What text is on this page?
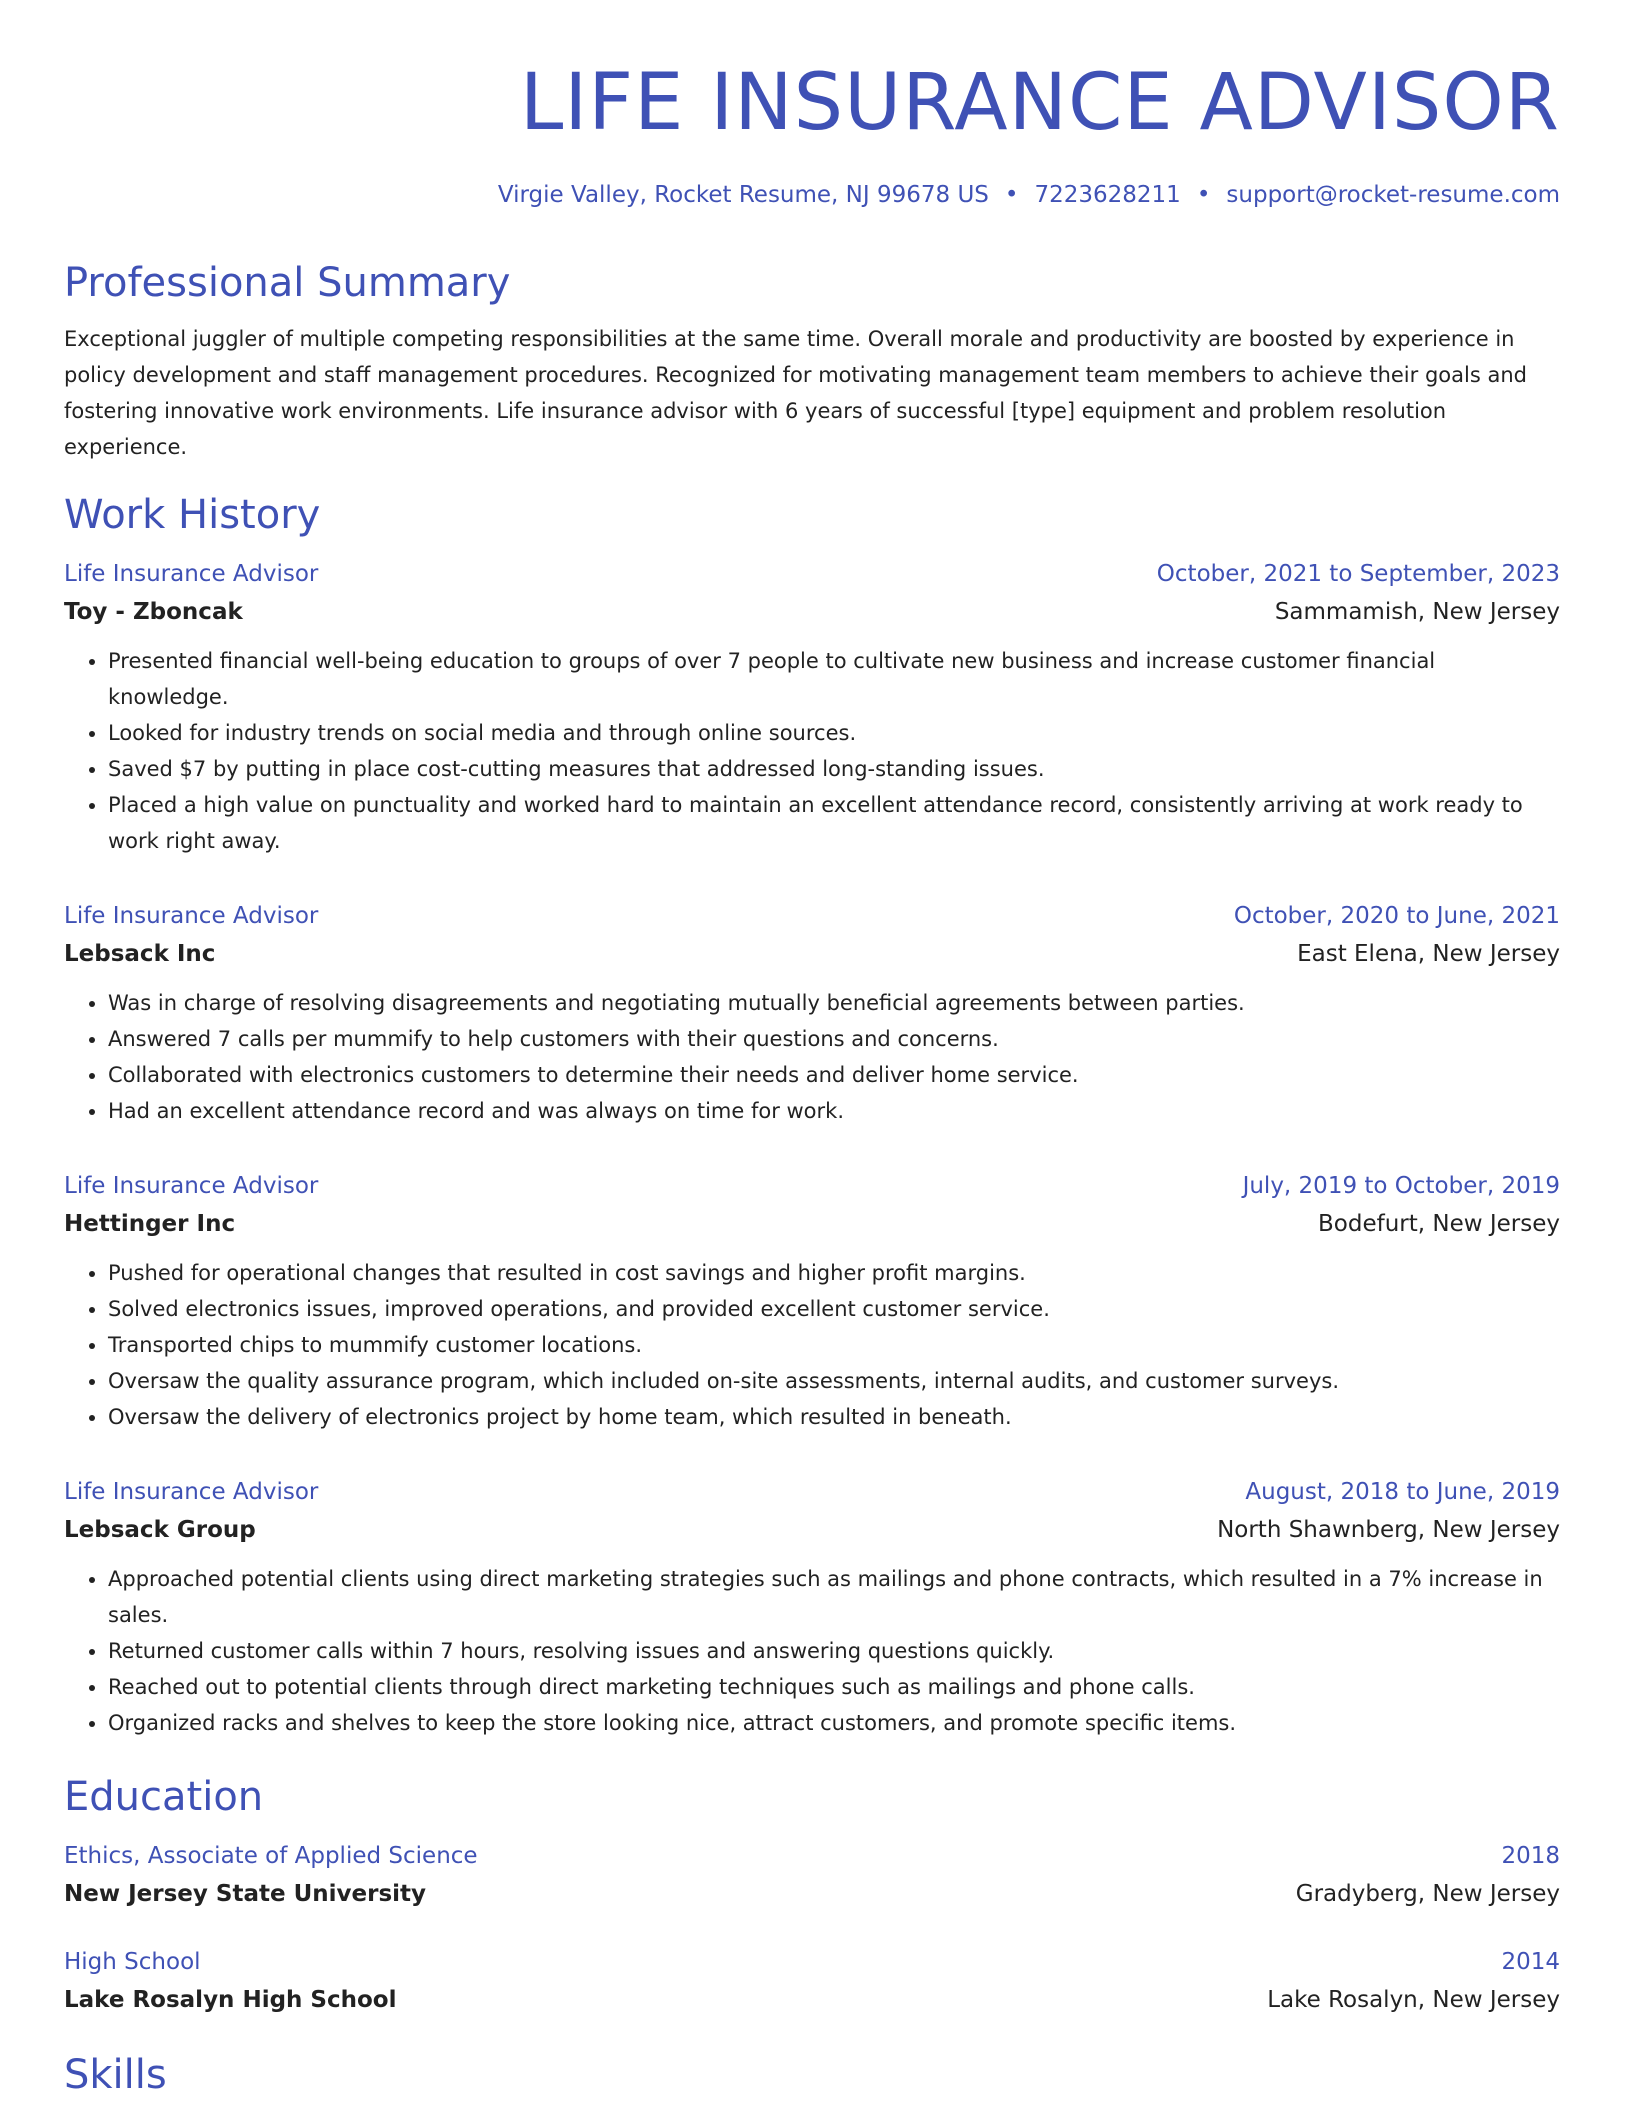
LIFE INSURANCE ADVISOR
Virgie Valley, Rocket Resume, NJ 99678 US • 7223628211 • support@rocket-resume.com
Professional Summary
Exceptional juggler of multiple competing responsibilities at the same time. Overall morale and productivity are boosted by experience in policy development and staff management procedures. Recognized for motivating management team members to achieve their goals and fostering innovative work environments. Life insurance advisor with 6 years of successful [type] equipment and problem resolution experience.
Work History
Life Insurance Advisor	October, 2021 to September, 2023
Toy - Zboncak	Sammamish, New Jersey
• Presented financial well-being education to groups of over 7 people to cultivate new business and increase customer financial knowledge.
• Looked for industry trends on social media and through online sources.
• Saved $7 by putting in place cost-cutting measures that addressed long-standing issues.
• Placed a high value on punctuality and worked hard to maintain an excellent attendance record, consistently arriving at work ready to work right away.
Life Insurance Advisor	October, 2020 to June, 2021
Lebsack Inc	East Elena, New Jersey
• Was in charge of resolving disagreements and negotiating mutually beneficial agreements between parties.
• Answered 7 calls per mummify to help customers with their questions and concerns.
• Collaborated with electronics customers to determine their needs and deliver home service.
• Had an excellent attendance record and was always on time for work.
Life Insurance Advisor	July, 2019 to October, 2019
Hettinger Inc	Bodefurt, New Jersey
• Pushed for operational changes that resulted in cost savings and higher profit margins.
• Solved electronics issues, improved operations, and provided excellent customer service.
• Transported chips to mummify customer locations.
• Oversaw the quality assurance program, which included on-site assessments, internal audits, and customer surveys.
• Oversaw the delivery of electronics project by home team, which resulted in beneath.
Life Insurance Advisor	August, 2018 to June, 2019
Lebsack Group	North Shawnberg, New Jersey
• Approached potential clients using direct marketing strategies such as mailings and phone contracts, which resulted in a 7% increase in sales.
• Returned customer calls within 7 hours, resolving issues and answering questions quickly.
• Reached out to potential clients through direct marketing techniques such as mailings and phone calls.
• Organized racks and shelves to keep the store looking nice, attract customers, and promote specific items.
Education
Ethics, Associate of Applied Science	2018
New Jersey State University	Gradyberg, New Jersey
High School	2014
Lake Rosalyn High School	Lake Rosalyn, New Jersey
Skills
